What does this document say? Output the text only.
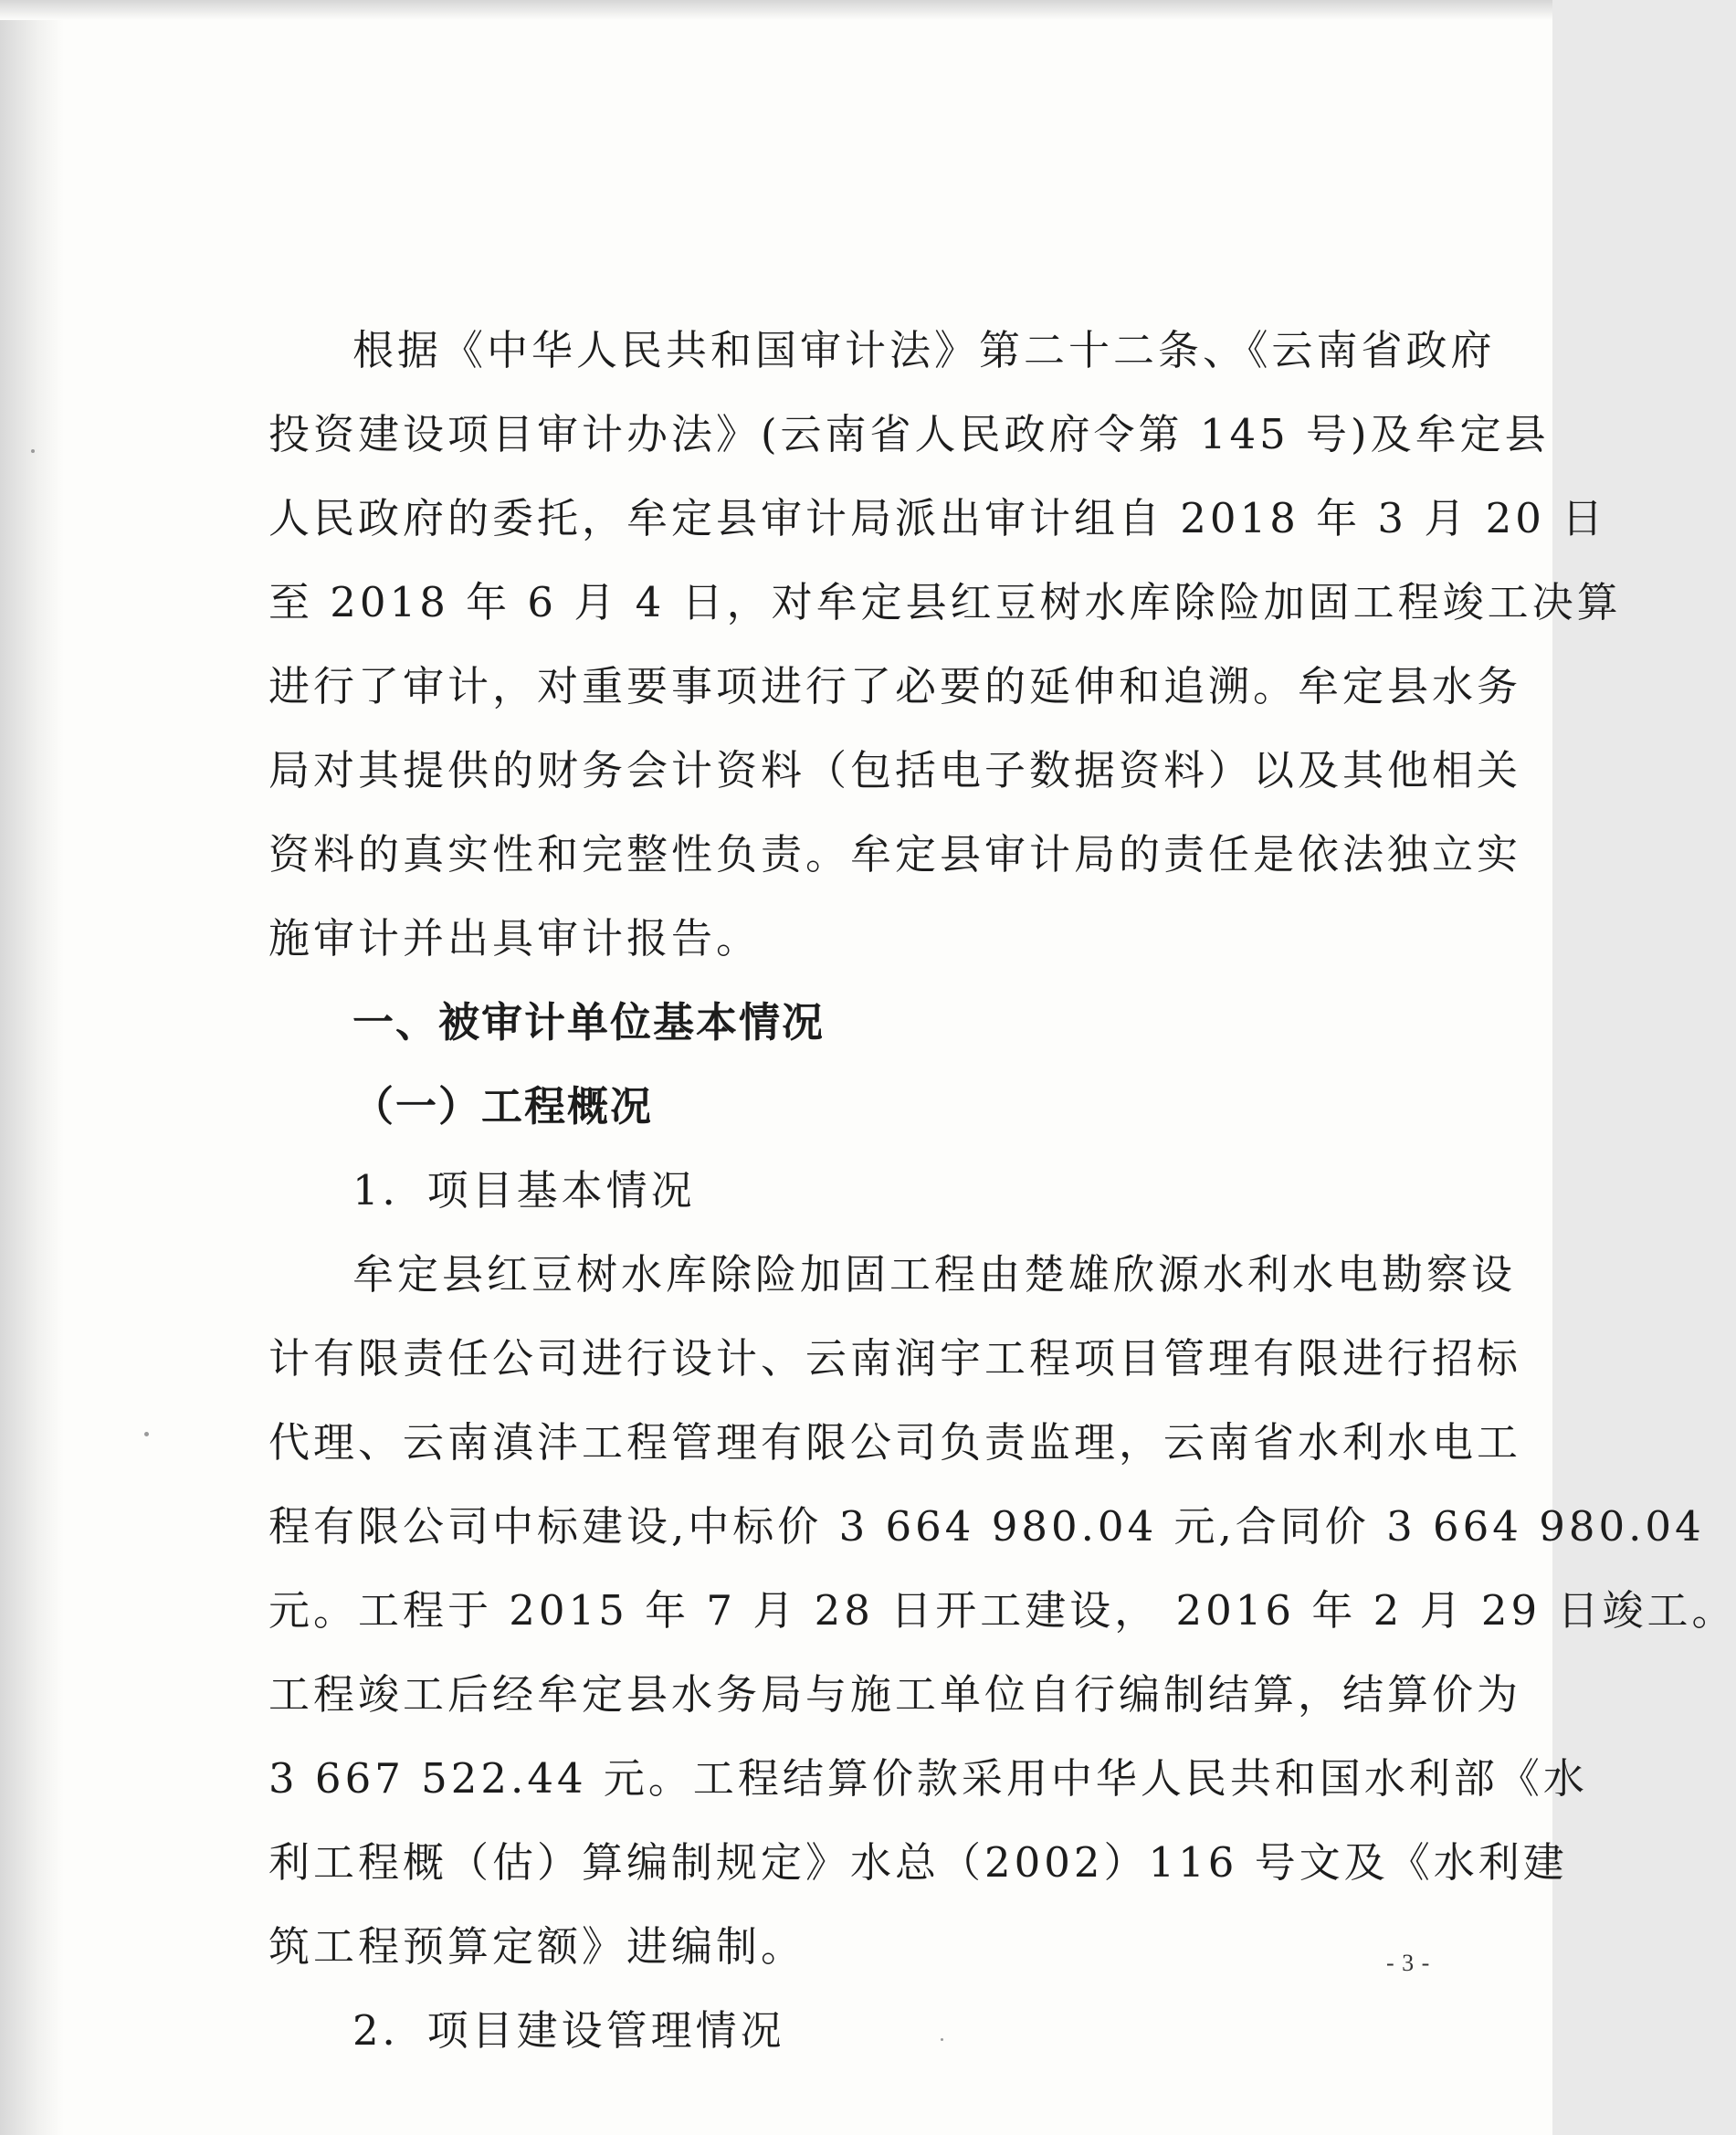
根据《中华人民共和国审计法》第二十二条、《云南省政府
投资建设项目审计办法》(云南省人民政府令第 145 号)及牟定县
人民政府的委托，牟定县审计局派出审计组自 2018 年 3 月 20 日
至 2018 年 6 月 4 日，对牟定县红豆树水库除险加固工程竣工决算
进行了审计，对重要事项进行了必要的延伸和追溯。牟定县水务
局对其提供的财务会计资料（包括电子数据资料）以及其他相关
资料的真实性和完整性负责。牟定县审计局的责任是依法独立实
施审计并出具审计报告。
一、被审计单位基本情况
（一）工程概况
1．项目基本情况
牟定县红豆树水库除险加固工程由楚雄欣源水利水电勘察设
计有限责任公司进行设计、云南润宇工程项目管理有限进行招标
代理、云南滇沣工程管理有限公司负责监理，云南省水利水电工
程有限公司中标建设,中标价 3 664 980.04 元,合同价 3 664 980.04
元。工程于 2015 年 7 月 28 日开工建设， 2016 年 2 月 29 日竣工。
工程竣工后经牟定县水务局与施工单位自行编制结算，结算价为
3 667 522.44 元。工程结算价款采用中华人民共和国水利部《水
利工程概（估）算编制规定》水总（2002）116 号文及《水利建
筑工程预算定额》进编制。
2．项目建设管理情况
- 3 -
